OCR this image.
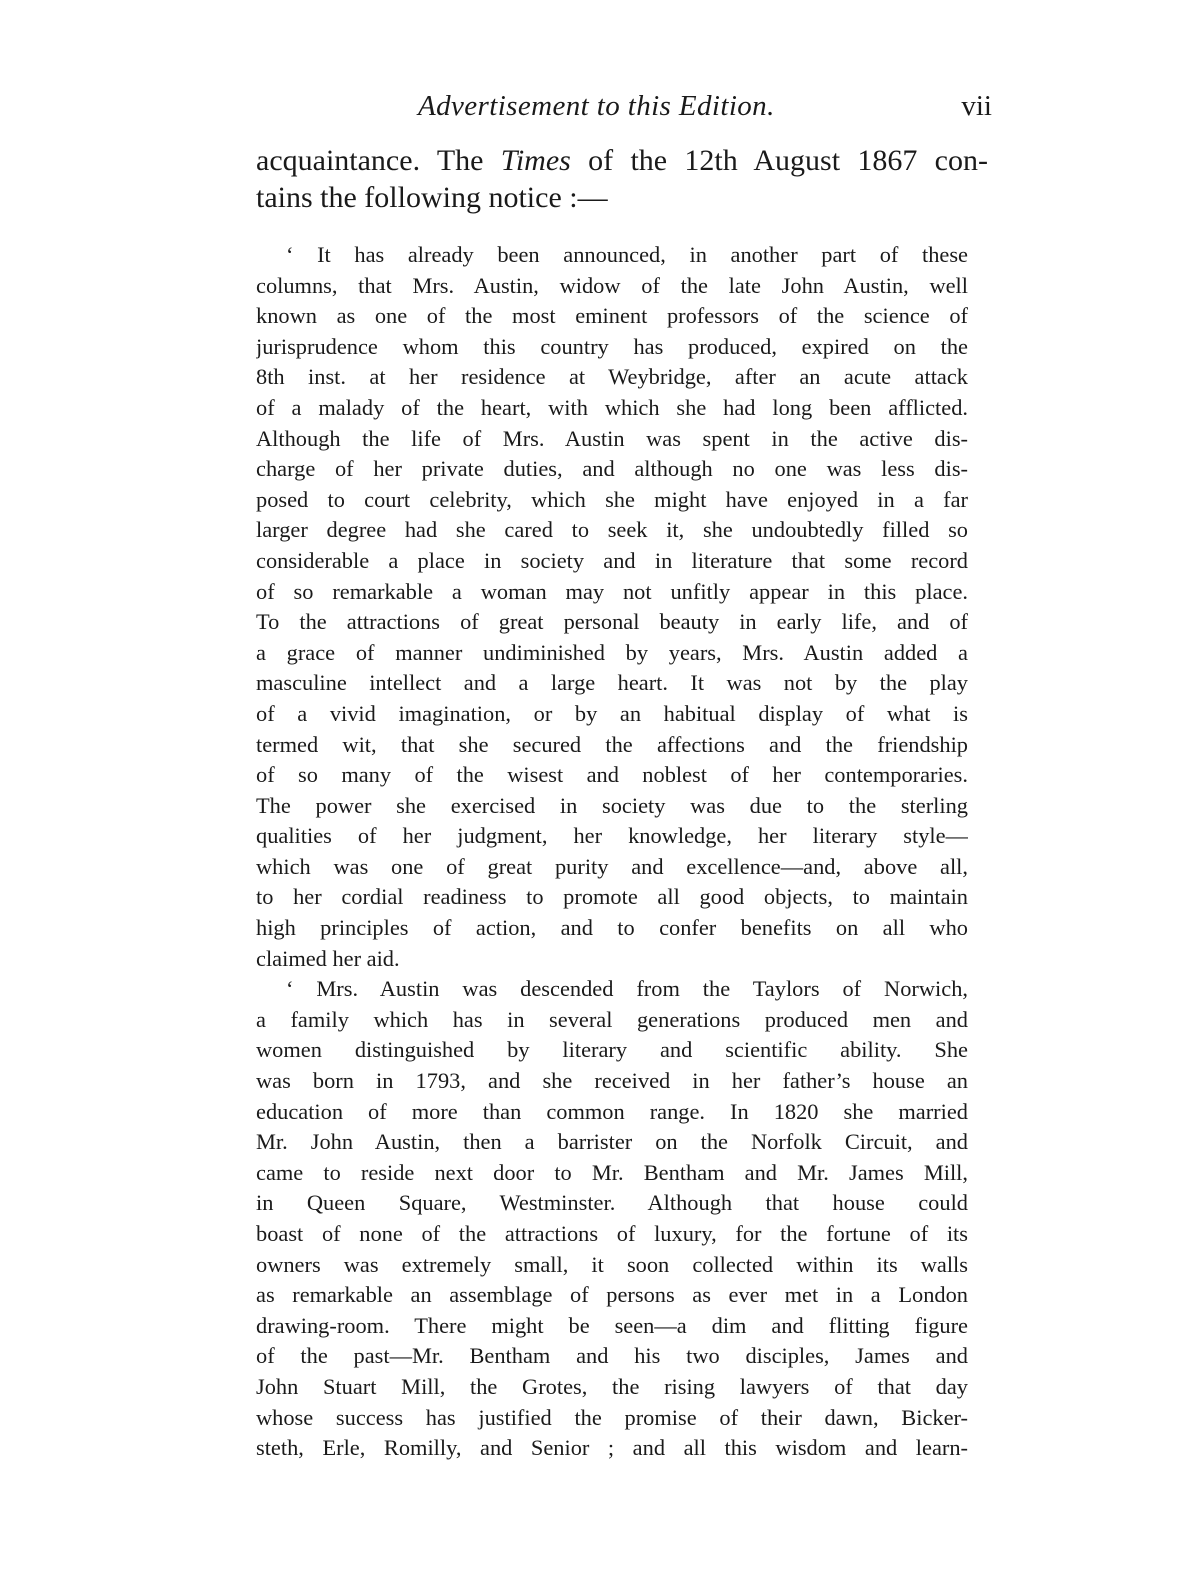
Advertisement to this Edition.	vii
acquaintance. The Times of the 12th August 1867 con-
tains the following notice :—
‘ It has already been announced, in another part of these
columns, that Mrs. Austin, widow of the late John Austin, well
known as one of the most eminent professors of the science of
jurisprudence whom this country has produced, expired on the
8th inst. at her residence at Weybridge, after an acute attack
of a malady of the heart, with which she had long been afflicted.
Although the life of Mrs. Austin was spent in the active dis-
charge of her private duties, and although no one was less dis-
posed to court celebrity, which she might have enjoyed in a far
larger degree had she cared to seek it, she undoubtedly filled so
considerable a place in society and in literature that some record
of so remarkable a woman may not unfitly appear in this place.
To the attractions of great personal beauty in early life, and of
a grace of manner undiminished by years, Mrs. Austin added a
masculine intellect and a large heart. It was not by the play
of a vivid imagination, or by an habitual display of what is
termed wit, that she secured the affections and the friendship
of so many of the wisest and noblest of her contemporaries.
The power she exercised in society was due to the sterling
qualities of her judgment, her knowledge, her literary style—
which was one of great purity and excellence—and, above all,
to her cordial readiness to promote all good objects, to maintain
high principles of action, and to confer benefits on all who
claimed her aid.
‘ Mrs. Austin was descended from the Taylors of Norwich,
a family which has in several generations produced men and
women distinguished by literary and scientific ability. She
was born in 1793, and she received in her father’s house an
education of more than common range. In 1820 she married
Mr. John Austin, then a barrister on the Norfolk Circuit, and
came to reside next door to Mr. Bentham and Mr. James Mill,
in Queen Square, Westminster. Although that house could
boast of none of the attractions of luxury, for the fortune of its
owners was extremely small, it soon collected within its walls
as remarkable an assemblage of persons as ever met in a London
drawing-room. There might be seen—a dim and flitting figure
of the past—Mr. Bentham and his two disciples, James and
John Stuart Mill, the Grotes, the rising lawyers of that day
whose success has justified the promise of their dawn, Bicker-
steth, Erle, Romilly, and Senior ; and all this wisdom and learn-
